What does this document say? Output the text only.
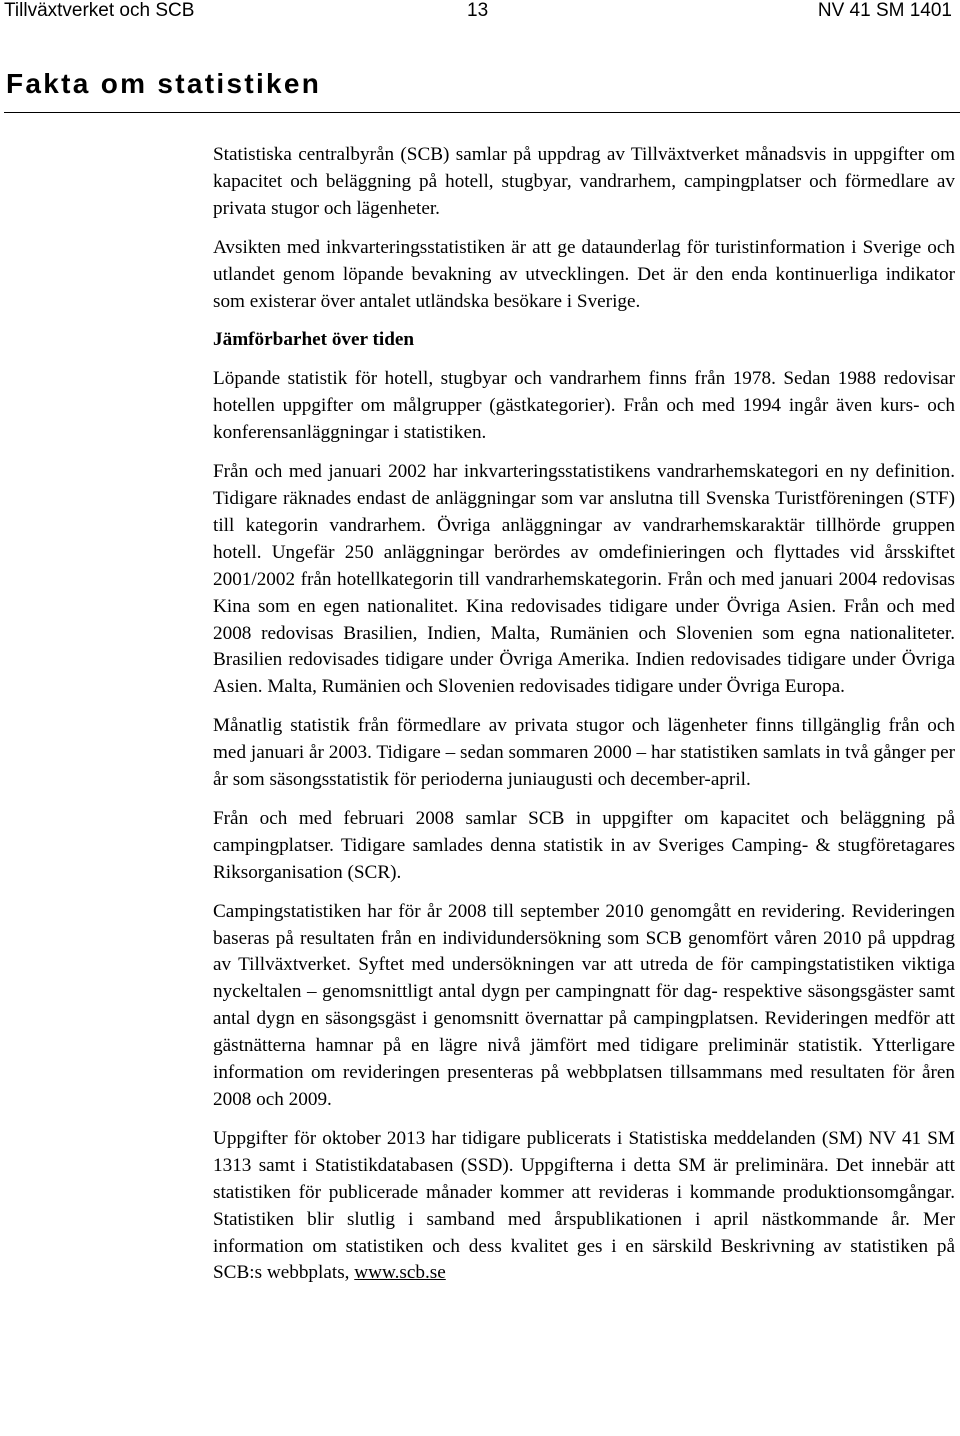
Tillväxtverket och SCB	13	NV 41 SM 1401
Fakta om statistiken

Statistiska centralbyrån (SCB) samlar på uppdrag av Tillväxtverket månadsvis in uppgifter om kapacitet och beläggning på hotell, stugbyar, vandrarhem, campingplatser och förmedlare av privata stugor och lägenheter.

Avsikten med inkvarteringsstatistiken är att ge dataunderlag för turistinformation i Sverige och utlandet genom löpande bevakning av utvecklingen. Det är den enda kontinuerliga indikator som existerar över antalet utländska besökare i Sverige.

Jämförbarhet över tiden

Löpande statistik för hotell, stugbyar och vandrarhem finns från 1978. Sedan 1988 redovisar hotellen uppgifter om målgrupper (gästkategorier). Från och med 1994 ingår även kurs- och konferensanläggningar i statistiken.

Från och med januari 2002 har inkvarteringsstatistikens vandrarhemskategori en ny definition. Tidigare räknades endast de anläggningar som var anslutna till Svenska Turistföreningen (STF) till kategorin vandrarhem. Övriga anläggningar av vandrarhemskaraktär tillhörde gruppen hotell. Ungefär 250 anläggningar berördes av omdefinieringen och flyttades vid årsskiftet 2001/2002 från hotellkategorin till vandrarhemskategorin. Från och med januari 2004 redovisas Kina som en egen nationalitet. Kina redovisades tidigare under Övriga Asien. Från och med 2008 redovisas Brasilien, Indien, Malta, Rumänien och Slovenien som egna nationaliteter. Brasilien redovisades tidigare under Övriga Amerika. Indien redovisades tidigare under Övriga Asien. Malta, Rumänien och Slovenien redovisades tidigare under Övriga Europa.

Månatlig statistik från förmedlare av privata stugor och lägenheter finns tillgänglig från och med januari år 2003. Tidigare – sedan sommaren 2000 – har statistiken samlats in två gånger per år som säsongsstatistik för perioderna juniaugusti och december-april.

Från och med februari 2008 samlar SCB in uppgifter om kapacitet och beläggning på campingplatser. Tidigare samlades denna statistik in av Sveriges Camping- & stugföretagares Riksorganisation (SCR).

Campingstatistiken har för år 2008 till september 2010 genomgått en revidering. Revideringen baseras på resultaten från en individundersökning som SCB genomfört våren 2010 på uppdrag av Tillväxtverket. Syftet med undersökningen var att utreda de för campingstatistiken viktiga nyckeltalen – genomsnittligt antal dygn per campingnatt för dag- respektive säsongsgäster samt antal dygn en säsongsgäst i genomsnitt övernattar på campingplatsen. Revideringen medför att gästnätterna hamnar på en lägre nivå jämfört med tidigare preliminär statistik. Ytterligare information om revideringen presenteras på webbplatsen tillsammans med resultaten för åren 2008 och 2009.

Uppgifter för oktober 2013 har tidigare publicerats i Statistiska meddelanden (SM) NV 41 SM 1313 samt i Statistikdatabasen (SSD). Uppgifterna i detta SM är preliminära. Det innebär att statistiken för publicerade månader kommer att revideras i kommande produktionsomgångar. Statistiken blir slutlig i samband med årspublikationen i april nästkommande år. Mer information om statistiken och dess kvalitet ges i en särskild Beskrivning av statistiken på SCB:s webbplats, www.scb.se
